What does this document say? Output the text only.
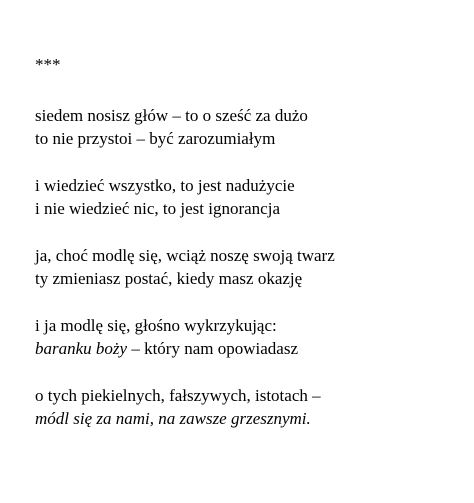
***
siedem nosisz głów – to o sześć za dużo
to nie przystoi – być zarozumiałym
i wiedzieć wszystko, to jest nadużycie
i nie wiedzieć nic, to jest ignorancja
ja, choć modlę się, wciąż noszę swoją twarz
ty zmieniasz postać, kiedy masz okazję
i ja modlę się, głośno wykrzykując:
baranku boży – który nam opowiadasz
o tych piekielnych, fałszywych, istotach –
módl się za nami, na zawsze grzesznymi.
